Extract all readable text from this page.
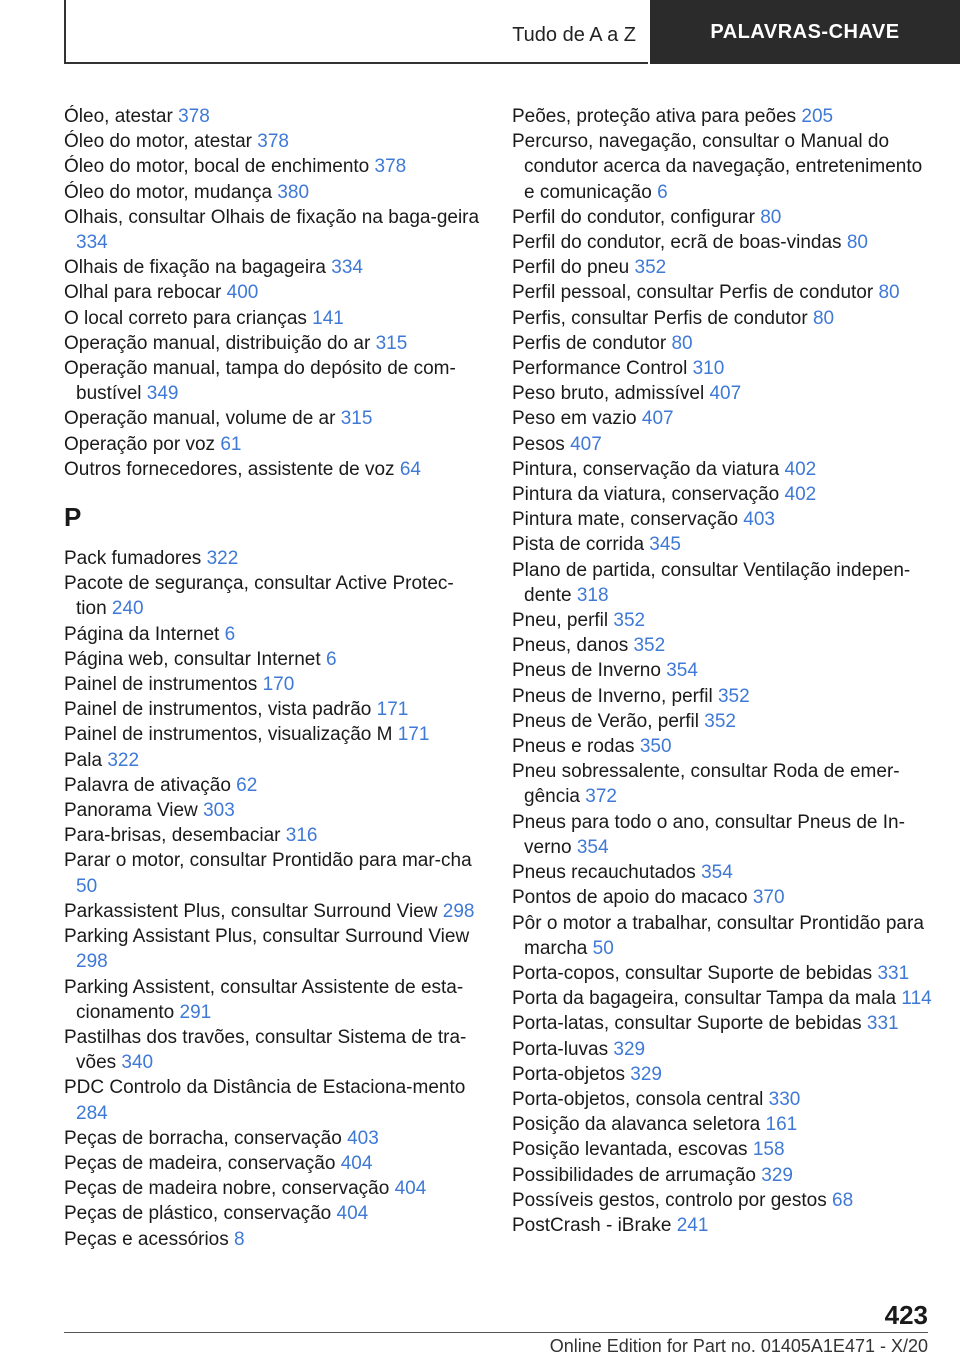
Tudo de A a Z	PALAVRAS-CHAVE
Óleo, atestar 378
Óleo do motor, atestar 378
Óleo do motor, bocal de enchimento 378
Óleo do motor, mudança 380
Olhais, consultar Olhais de fixação na baga-geira 334
Olhais de fixação na bagageira 334
Olhal para rebocar 400
O local correto para crianças 141
Operação manual, distribuição do ar 315
Operação manual, tampa do depósito de com-bustível 349
Operação manual, volume de ar 315
Operação por voz 61
Outros fornecedores, assistente de voz 64
P
Pack fumadores 322
Pacote de segurança, consultar Active Protec-tion 240
Página da Internet 6
Página web, consultar Internet 6
Painel de instrumentos 170
Painel de instrumentos, vista padrão 171
Painel de instrumentos, visualização M 171
Pala 322
Palavra de ativação 62
Panorama View 303
Para-brisas, desembaciar 316
Parar o motor, consultar Prontidão para mar-cha 50
Parkassistent Plus, consultar Surround View 298
Parking Assistant Plus, consultar Surround View 298
Parking Assistent, consultar Assistente de esta-cionamento 291
Pastilhas dos travões, consultar Sistema de tra-vões 340
PDC Controlo da Distância de Estaciona-mento 284
Peças de borracha, conservação 403
Peças de madeira, conservação 404
Peças de madeira nobre, conservação 404
Peças de plástico, conservação 404
Peças e acessórios 8
Peões, proteção ativa para peões 205
Percurso, navegação, consultar o Manual do condutor acerca da navegação, entretenimento e comunicação 6
Perfil do condutor, configurar 80
Perfil do condutor, ecrã de boas-vindas 80
Perfil do pneu 352
Perfil pessoal, consultar Perfis de condutor 80
Perfis, consultar Perfis de condutor 80
Perfis de condutor 80
Performance Control 310
Peso bruto, admissível 407
Peso em vazio 407
Pesos 407
Pintura, conservação da viatura 402
Pintura da viatura, conservação 402
Pintura mate, conservação 403
Pista de corrida 345
Plano de partida, consultar Ventilação indepen-dente 318
Pneu, perfil 352
Pneus, danos 352
Pneus de Inverno 354
Pneus de Inverno, perfil 352
Pneus de Verão, perfil 352
Pneus e rodas 350
Pneu sobressalente, consultar Roda de emer-gência 372
Pneus para todo o ano, consultar Pneus de In-verno 354
Pneus recauchutados 354
Pontos de apoio do macaco 370
Pôr o motor a trabalhar, consultar Prontidão para marcha 50
Porta-copos, consultar Suporte de bebidas 331
Porta da bagageira, consultar Tampa da mala 114
Porta-latas, consultar Suporte de bebidas 331
Porta-luvas 329
Porta-objetos 329
Porta-objetos, consola central 330
Posição da alavanca seletora 161
Posição levantada, escovas 158
Possibilidades de arrumação 329
Possíveis gestos, controlo por gestos 68
PostCrash - iBrake 241
423
Online Edition for Part no. 01405A1E471 - X/20
